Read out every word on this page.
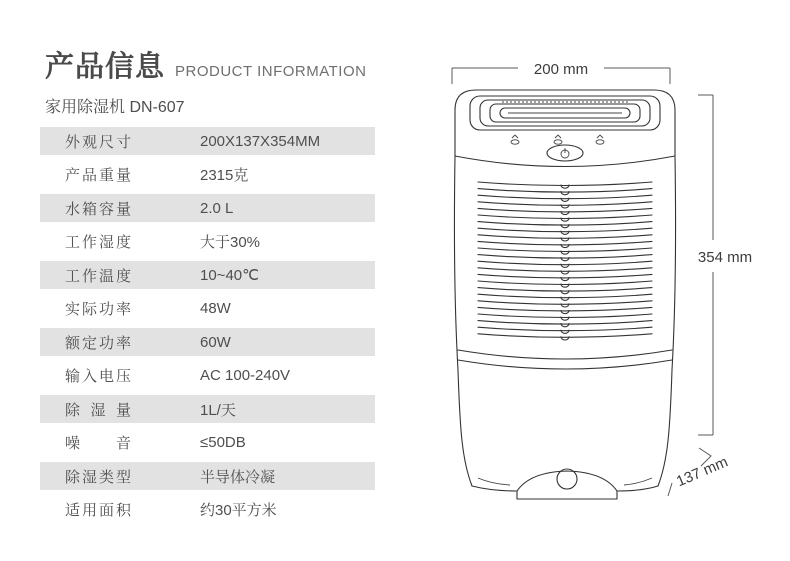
产品信息 PRODUCT INFORMATION
家用除湿机 DN-607
外观尺寸	200X137X354MM
产品重量	2315克
水箱容量	2.0 L
工作湿度	大于30%
工作温度	10~40℃
实际功率	48W
额定功率	60W
输入电压	AC 100-240V
除湿量	1L/天
噪音	≤50DB
除湿类型	半导体冷凝
适用面积	约30平方米
200 mm
354 mm
137 mm
